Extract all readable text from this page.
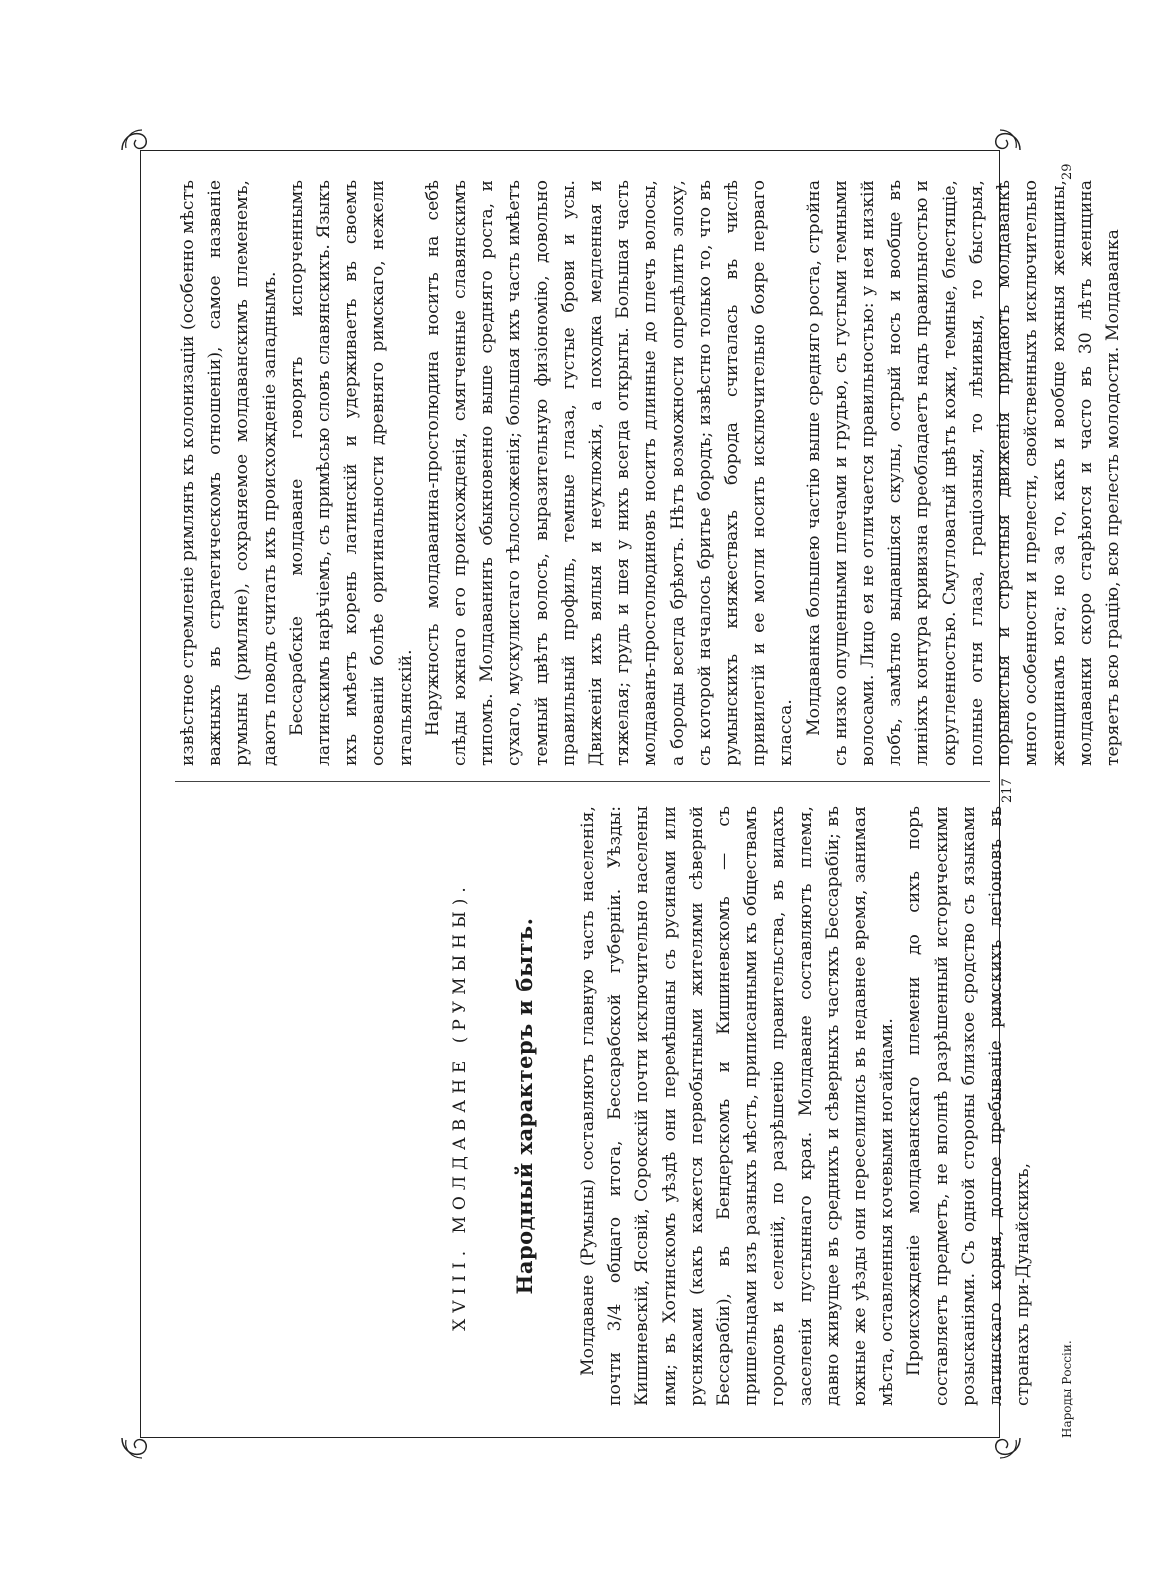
XVIII. МОЛДАВАНЕ (РУМЫНЫ). Народный характеръ и бытъ. Молдаване (Румыны) составляютъ главную часть населенія, почти 3/4 общаго итога, Бессарабской губерніи. Уѣзды: Кишиневскій, Яссвій, Сорокскій почти исключительно населены ими; въ Хотинскомъ уѣздѣ они перемѣшаны съ русинами или русняками (какъ кажется первобытными жителями сѣверной Бессарабіи), въ Бендерскомъ и Кишиневскомъ — съ пришельцами изъ разныхъ мѣстъ, приписанными къ обществамъ городовъ и селеній, по разрѣшенію правительства, въ видахъ заселенія пустыннаго края. Молдаване составляютъ племя, давно живущее въ среднихъ и сѣверныхъ частяхъ Бессарабіи; въ южные же уѣзды они переселились въ недавнее время, занимая мѣста, оставленныя кочевыми ногайцами. Происхожденіе молдаванскаго племени до сихъ поръ составляетъ предметъ, не вполнѣ разрѣшенный историческими розысканіями. Съ одной стороны близкое сродство съ языками латинскаго корня, долгое пребываніе римскихъ легіоновъ въ странахъ при-Дунайскихъ,

извѣстное стремленіе римлянъ къ колонизаціи (особенно мѣстъ важныхъ въ стратегическомъ отношеніи), самое названіе румыны (римляне), сохраняемое молдаванскимъ племенемъ, даютъ поводъ считать ихъ происхожденіе западнымъ. Бессарабскіе молдаване говорятъ испорченнымъ латинскимъ нарѣчіемъ, съ примѣсью словъ славянскихъ. Языкъ ихъ имѣетъ корень латинскій и удерживаетъ въ своемъ основаніи болѣе оригинальности древняго римскаго, нежели итальянскій. Наружность молдаванина-простолюдина носитъ на себѣ слѣды южнаго его происхожденія, смягченные славянскимъ типомъ. Молдаванинъ обыкновенно выше средняго роста, и сухаго, мускулистаго тѣлосложенія; большая ихъ часть имѣетъ темный цвѣтъ волосъ, выразительную физіономію, довольно правильный профиль, темные глаза, густые брови и усы. Движенія ихъ вялыя и неуклюжія, а походка медленная и тяжелая; грудь и шея у нихъ всегда открыты. Большая часть молдаванъ-простолюдиновъ носитъ длинные до плечъ волосы, а бороды всегда брѣютъ. Нѣтъ возможности опредѣлить эпоху, съ которой началось бритье бородъ; извѣстно только то, что въ румынскихъ княжествахъ борода считалась въ числѣ привилегій и ее могли носить исключительно бояре перваго класса. Молдаванка большею частію выше средняго роста, стройна съ низко опущенными плечами и грудью, съ густыми темными волосами. Лицо ея не отличается правильностью: у нея низкій лобъ, замѣтно выдавшіяся скулы, острый носъ и вообще въ линіяхъ контура кривизна преобладаетъ надъ правильностью и округленностью. Смугловатый цвѣтъ кожи, темные, блестящіе, полные огня глаза, граціозныя, то лѣнивыя, то быстрыя, порывистыя и страстныя движенія придаютъ молдаванкѣ много особенности и прелести, свойственныхъ исключительно женщинамъ юга; но за то, какъ и вообще южныя женщины, молдаванки скоро старѣются и часто въ 30 лѣтъ женщина теряетъ всю грацію, всю прелесть молодости. Молдаванка

217
Народы Россіи.
29
